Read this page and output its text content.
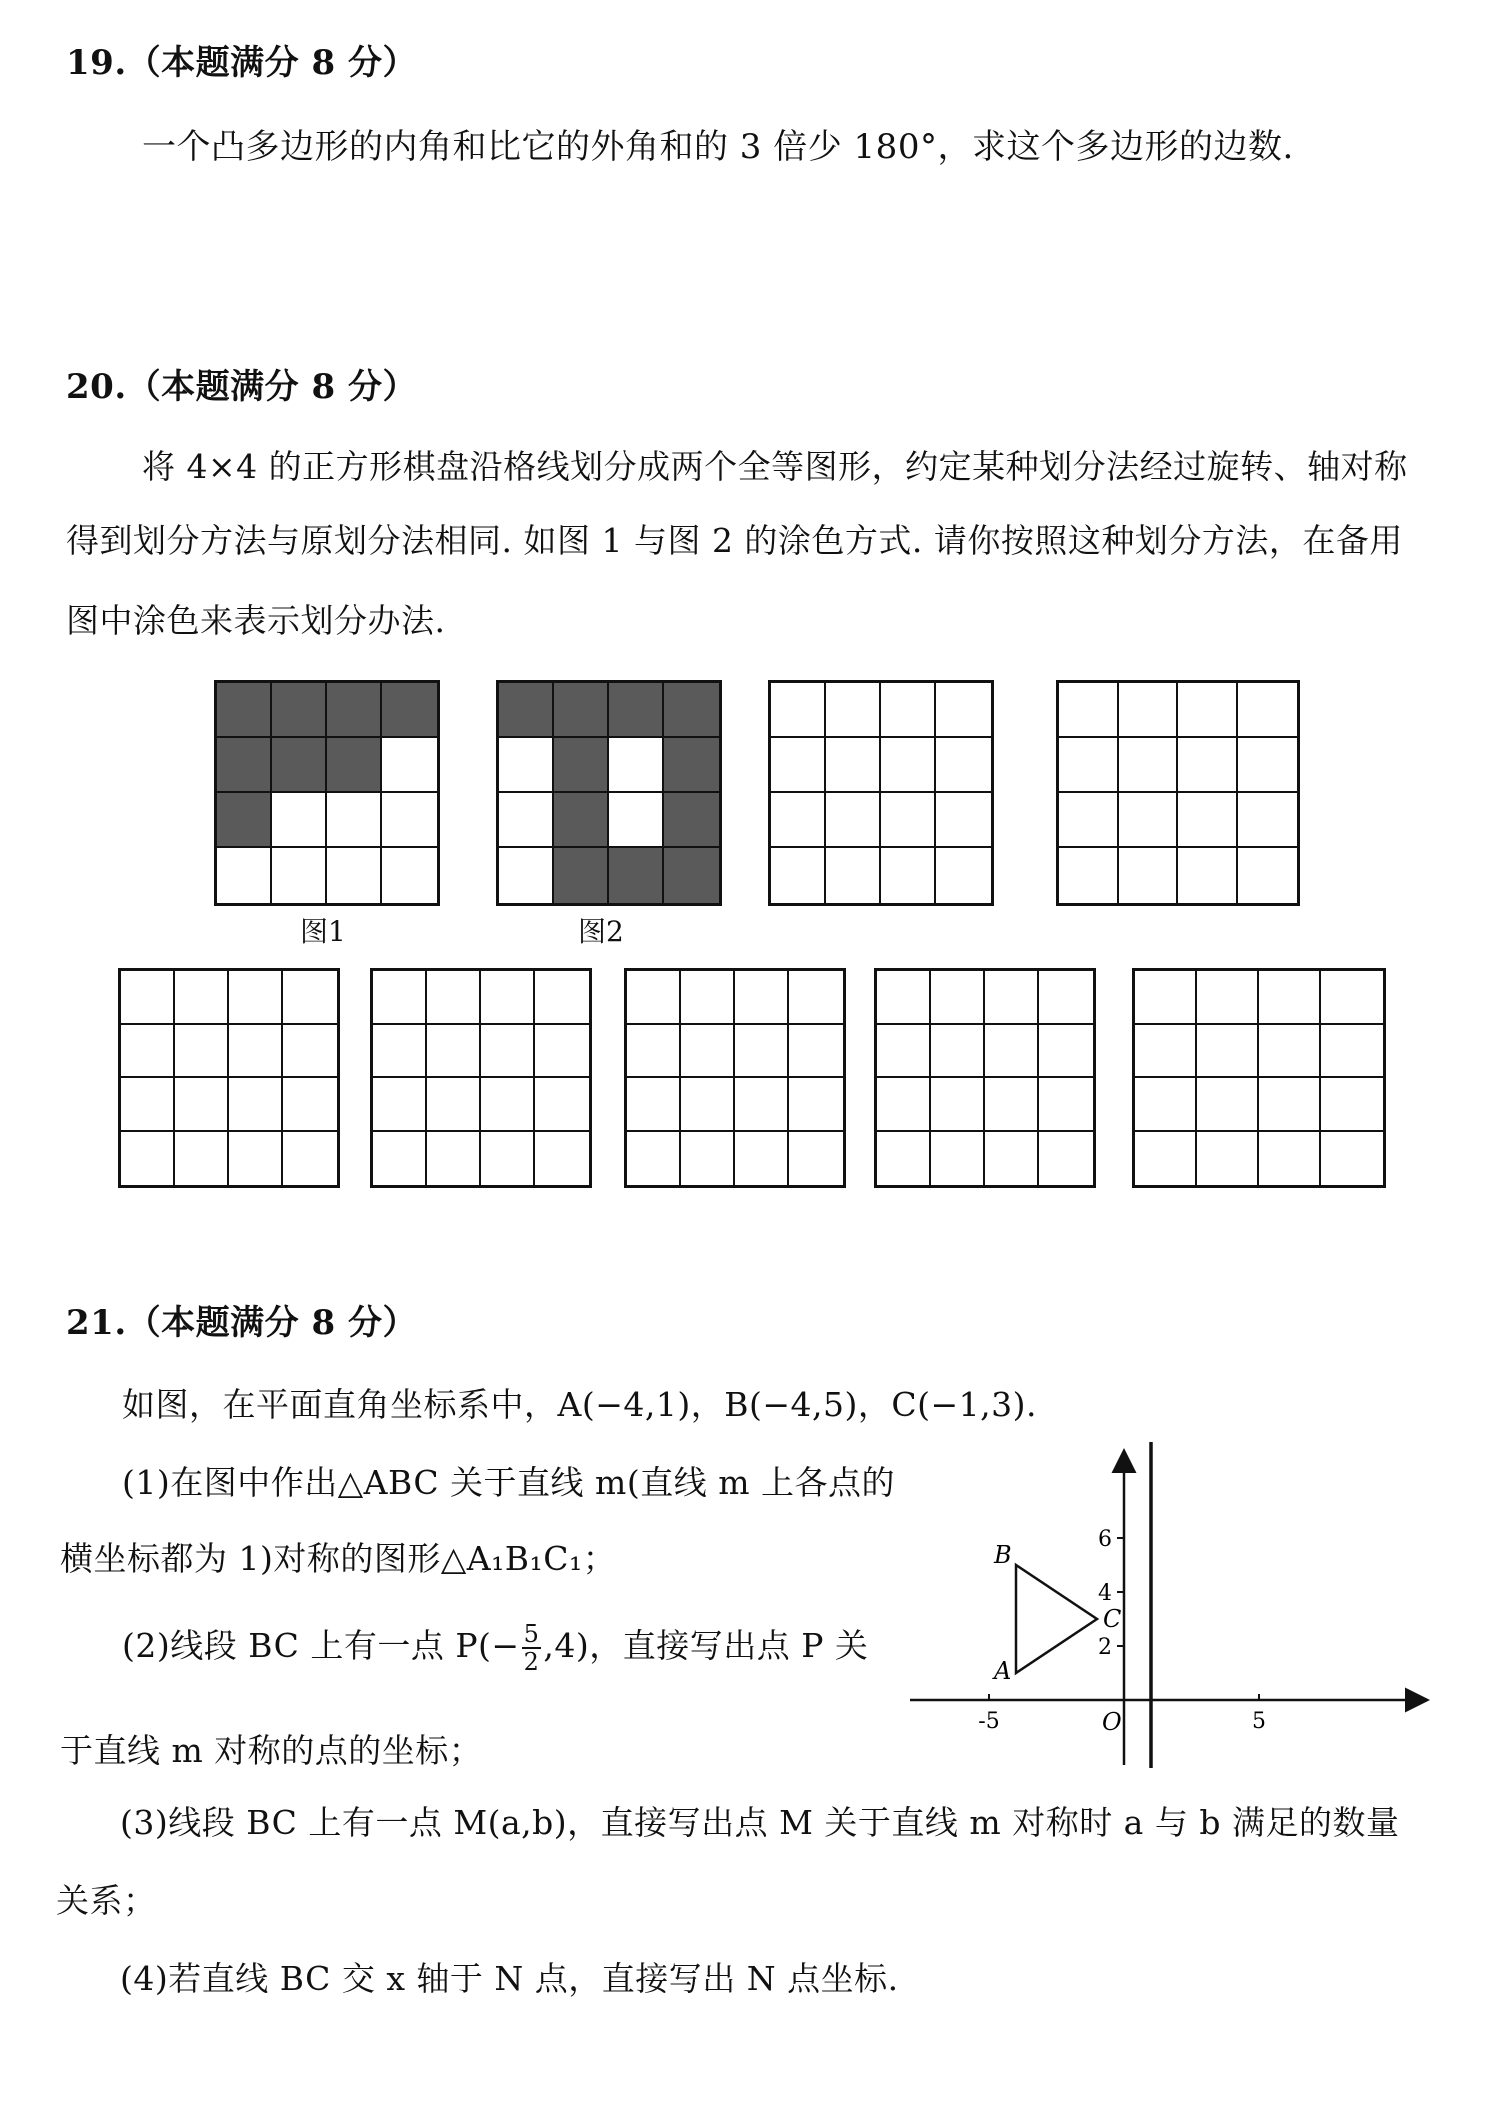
19.（本题满分 8 分）
一个凸多边形的内角和比它的外角和的 3 倍少 180°，求这个多边形的边数.
20.（本题满分 8 分）
将 4×4 的正方形棋盘沿格线划分成两个全等图形，约定某种划分法经过旋转、轴对称
得到划分方法与原划分法相同. 如图 1 与图 2 的涂色方式. 请你按照这种划分方法，在备用
图中涂色来表示划分办法.
图1	图2
21.（本题满分 8 分）
如图，在平面直角坐标系中，A(−4,1)，B(−4,5)，C(−1,3).
(1)在图中作出△ABC 关于直线 m(直线 m 上各点的
横坐标都为 1)对称的图形△A₁B₁C₁；
(2)线段 BC 上有一点 $P(- \frac{5}{2} ,4)$，直接写出点 P 关
于直线 m 对称的点的坐标；
(3)线段 BC 上有一点 M(a,b)，直接写出点 M 关于直线 m 对称时 a 与 b 满足的数量
关系；
(4)若直线 BC 交 x 轴于 N 点，直接写出 N 点坐标.
2
4
6
-5	5
O
A
B
C
